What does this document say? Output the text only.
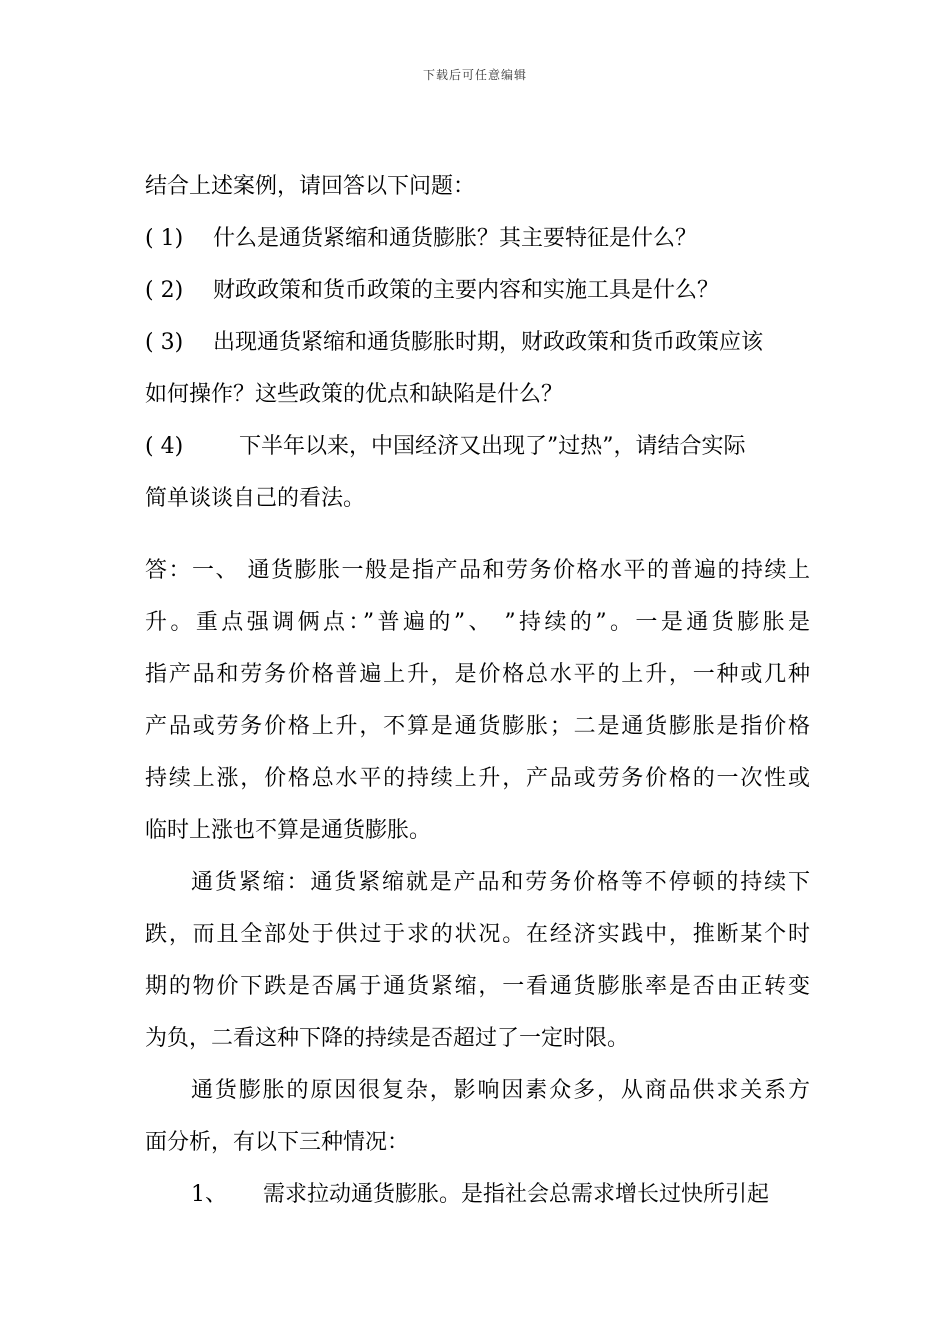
下载后可任意编辑
结合上述案例，请回答以下问题：
( 1) 什么是通货紧缩和通货膨胀？其主要特征是什么？
( 2) 财政政策和货币政策的主要内容和实施工具是什么？
( 3) 出现通货紧缩和通货膨胀时期，财政政策和货币政策应该
如何操作？这些政策的优点和缺陷是什么？
( 4)	下半年以来，中国经济又出现了”过热”，请结合实际
简单谈谈自己的看法。
答：一、 通货膨胀一般是指产品和劳务价格水平的普遍的持续上
升。重点强调俩点：”普遍的”、 ”持续的”。一是通货膨胀是
指产品和劳务价格普遍上升，是价格总水平的上升，一种或几种
产品或劳务价格上升，不算是通货膨胀；二是通货膨胀是指价格
持续上涨，价格总水平的持续上升，产品或劳务价格的一次性或
临时上涨也不算是通货膨胀。
通货紧缩：通货紧缩就是产品和劳务价格等不停顿的持续下
跌，而且全部处于供过于求的状况。在经济实践中，推断某个时
期的物价下跌是否属于通货紧缩，一看通货膨胀率是否由正转变
为负，二看这种下降的持续是否超过了一定时限。
通货膨胀的原因很复杂，影响因素众多，从商品供求关系方
面分析，有以下三种情况：
1、 需求拉动通货膨胀。是指社会总需求增长过快所引起
